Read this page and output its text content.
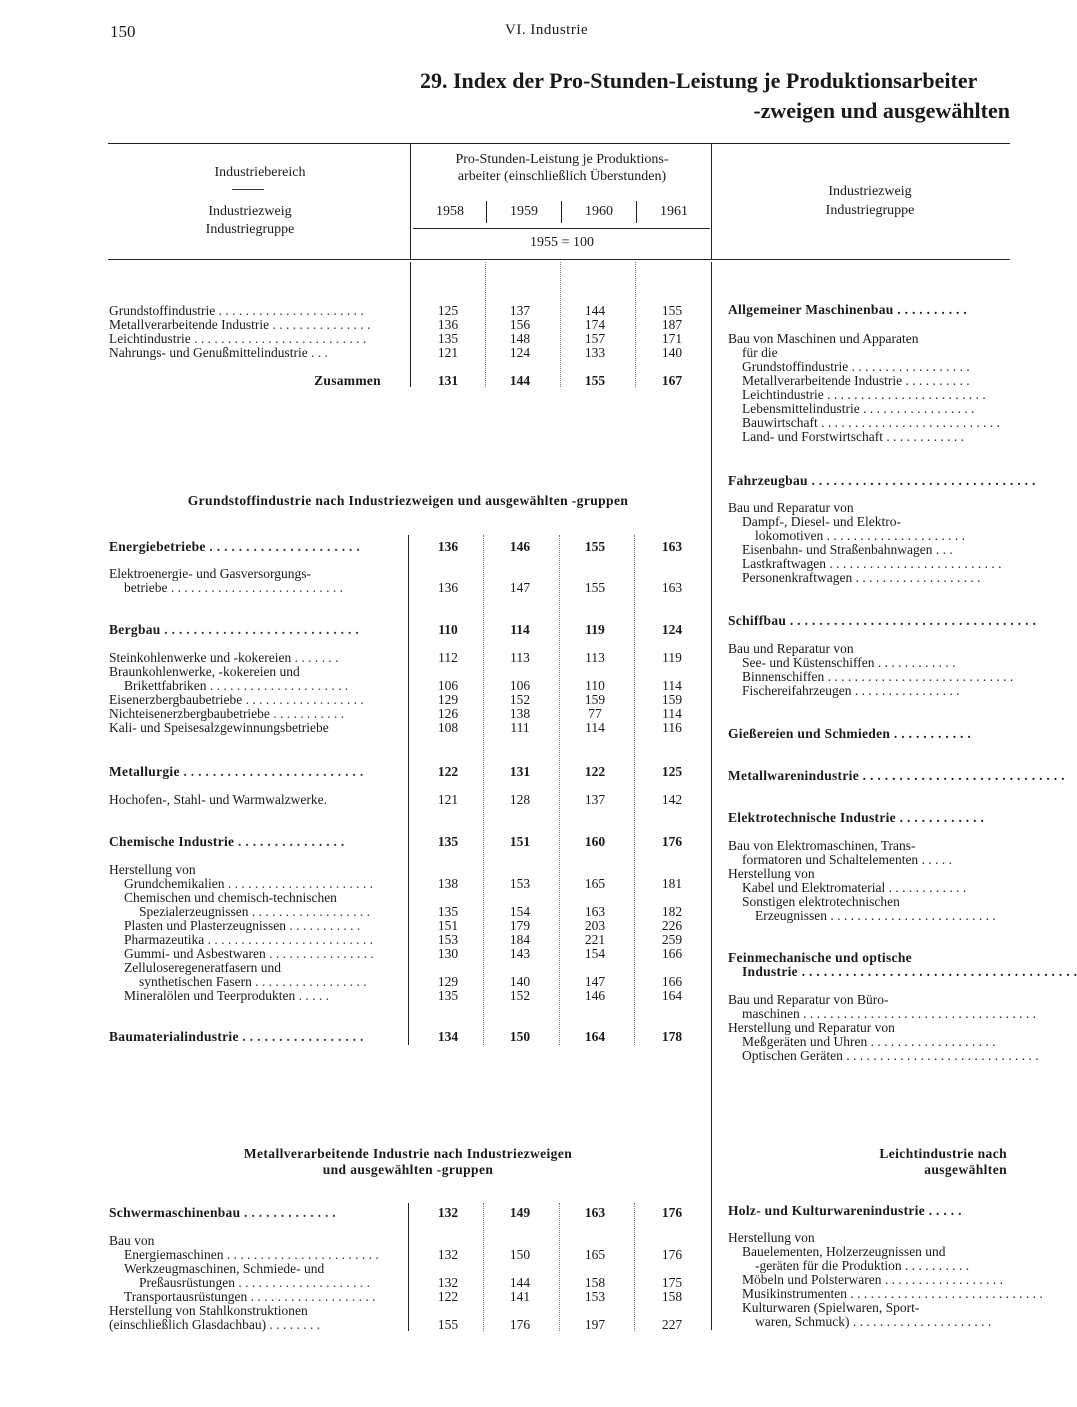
150	VI. Industrie
29. Index der Pro-Stunden-Leistung je Produktionsarbeiter
-zweigen und ausgewählten
Industriebereich
Industriezweig
Industriegruppe
Pro-Stunden-Leistung je Produktions-
arbeiter (einschließlich Überstunden)
1958	1959	1960	1961
1955 = 100
Industriezweig
Industriegruppe
Grundstoffindustrie nach Industriezweigen und ausgewählten -gruppen
Metallverarbeitende Industrie nach Industriezweigen
und ausgewählten -gruppen
Leichtindustrie nach
ausgewählten
Grundstoffindustrie . . . . . . . . . . . . . . . . . . . . . .	125	137	144	155
Metallverarbeitende Industrie . . . . . . . . . . . . . . .	136	156	174	187
Leichtindustrie . . . . . . . . . . . . . . . . . . . . . . . . . .	135	148	157	171
Nahrungs- und Genußmittelindustrie . . .	121	124	133	140
Zusammen	131	144	155	167
Energiebetriebe . . . . . . . . . . . . . . . . . . . . .	136	146	155	163
Elektroenergie- und Gasversorgungs-
betriebe . . . . . . . . . . . . . . . . . . . . . . . . . .	136	147	155	163
Bergbau . . . . . . . . . . . . . . . . . . . . . . . . . . .	110	114	119	124
Steinkohlenwerke und -kokereien . . . . . . .	112	113	113	119
Braunkohlenwerke, -kokereien und
Brikettfabriken . . . . . . . . . . . . . . . . . . . . .	106	106	110	114
Eisenerzbergbaubetriebe . . . . . . . . . . . . . . . . . .	129	152	159	159
Nichteisenerzbergbaubetriebe . . . . . . . . . . .	126	138	77	114
Kali- und Speisesalzgewinnungsbetriebe	108	111	114	116
Metallurgie . . . . . . . . . . . . . . . . . . . . . . . . .	122	131	122	125
Hochofen-, Stahl- und Warmwalzwerke.	121	128	137	142
Chemische Industrie . . . . . . . . . . . . . . .	135	151	160	176
Herstellung von
Grundchemikalien . . . . . . . . . . . . . . . . . . . . . .	138	153	165	181
Chemischen und chemisch-technischen
Spezialerzeugnissen . . . . . . . . . . . . . . . . . .	135	154	163	182
Plasten und Plasterzeugnissen . . . . . . . . . . .	151	179	203	226
Pharmazeutika . . . . . . . . . . . . . . . . . . . . . . . . .	153	184	221	259
Gummi- und Asbestwaren . . . . . . . . . . . . . . . .	130	143	154	166
Zelluloseregeneratfasern und
synthetischen Fasern . . . . . . . . . . . . . . . . .	129	140	147	166
Mineralölen und Teerprodukten . . . . .	135	152	146	164
Baumaterialindustrie . . . . . . . . . . . . . . . . .	134	150	164	178
Schwermaschinenbau . . . . . . . . . . . . .	132	149	163	176
Bau von
Energiemaschinen . . . . . . . . . . . . . . . . . . . . . . .	132	150	165	176
Werkzeugmaschinen, Schmiede- und
Preßausrüstungen . . . . . . . . . . . . . . . . . . . .	132	144	158	175
Transportausrüstungen . . . . . . . . . . . . . . . . . . .	122	141	153	158
Herstellung von Stahlkonstruktionen
(einschließlich Glasdachbau) . . . . . . . .	155	176	197	227
Allgemeiner Maschinenbau . . . . . . . . . .
Bau von Maschinen und Apparaten
für die
Grundstoffindustrie . . . . . . . . . . . . . . . . . .
Metallverarbeitende Industrie . . . . . . . . . .
Leichtindustrie . . . . . . . . . . . . . . . . . . . . . . . .
Lebensmittelindustrie . . . . . . . . . . . . . . . . .
Bauwirtschaft . . . . . . . . . . . . . . . . . . . . . . . . . . .
Land- und Forstwirtschaft . . . . . . . . . . . .
Fahrzeugbau . . . . . . . . . . . . . . . . . . . . . . . . . . . . . . .
Bau und Reparatur von
Dampf-, Diesel- und Elektro-
lokomotiven . . . . . . . . . . . . . . . . . . . . .
Eisenbahn- und Straßenbahnwagen . . .
Lastkraftwagen . . . . . . . . . . . . . . . . . . . . . . . . . .
Personenkraftwagen . . . . . . . . . . . . . . . . . . .
Schiffbau . . . . . . . . . . . . . . . . . . . . . . . . . . . . . . . . . .
Bau und Reparatur von
See- und Küstenschiffen . . . . . . . . . . . .
Binnenschiffen . . . . . . . . . . . . . . . . . . . . . . . . . . . .
Fischereifahrzeugen . . . . . . . . . . . . . . . .
Gießereien und Schmieden . . . . . . . . . . .
Metallwarenindustrie . . . . . . . . . . . . . . . . . . . . . . . . . . . .
Elektrotechnische Industrie . . . . . . . . . . . .
Bau von Elektromaschinen, Trans-
formatoren und Schaltelementen . . . . .
Herstellung von
Kabel und Elektromaterial . . . . . . . . . . . .
Sonstigen elektrotechnischen
Erzeugnissen . . . . . . . . . . . . . . . . . . . . . . . . .
Feinmechanische und optische
Industrie . . . . . . . . . . . . . . . . . . . . . . . . . . . . . . . . . . . . . .
Bau und Reparatur von Büro-
maschinen . . . . . . . . . . . . . . . . . . . . . . . . . . . . . . . . . . .
Herstellung und Reparatur von
Meßgeräten und Uhren . . . . . . . . . . . . . . . . . . .
Optischen Geräten . . . . . . . . . . . . . . . . . . . . . . . . . . . . .
Holz- und Kulturwarenindustrie . . . . .
Herstellung von
Bauelementen, Holzerzeugnissen und
-geräten für die Produktion . . . . . . . . . .
Möbeln und Polsterwaren . . . . . . . . . . . . . . . . . .
Musikinstrumenten . . . . . . . . . . . . . . . . . . . . . . . . . . . . .
Kulturwaren (Spielwaren, Sport-
waren, Schmuck) . . . . . . . . . . . . . . . . . . . . .
